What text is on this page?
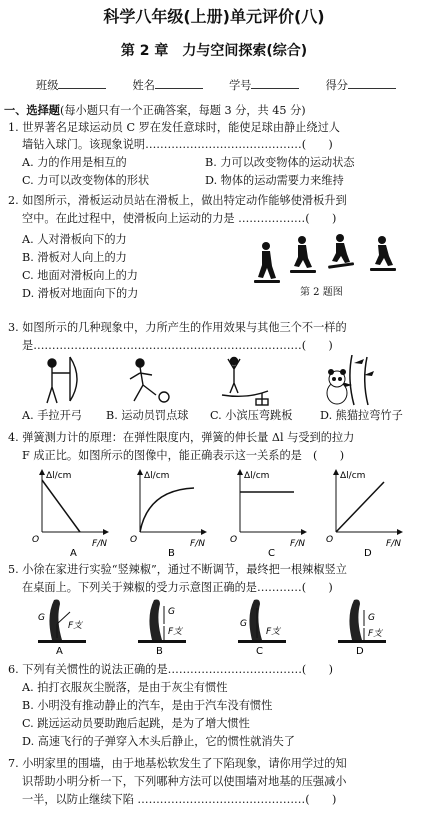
科学八年级(上册)单元评价(八)
第 2 章　力与空间探索(综合)
班级	姓名	学号	得分
一、选择题(每小题只有一个正确答案，每题 3 分，共 45 分)
1. 世界著名足球运动员 C 罗在发任意球时，能使足球由静止绕过人
墙钻入球门。该现象说明……………………………………(　　)
A. 力的作用是相互的	B. 力可以改变物体的运动状态
C. 力可以改变物体的形状	D. 物体的运动需要力来维持
2. 如图所示，滑板运动员站在滑板上，做出特定动作能够使滑板升到
空中。在此过程中，使滑板向上运动的力是 ………………(　　)
A. 人对滑板向下的力
B. 滑板对人向上的力
C. 地面对滑板向上的力
D. 滑板对地面向下的力	第 2 题图
3. 如图所示的几种现象中，力所产生的作用效果与其他三个不一样的
是………………………………………………………………(　　)
A. 手拉开弓 B. 运动员罚点球 C. 小滨压弯跳板 D. 熊猫拉弯竹子
4. 弹簧测力计的原理：在弹性限度内，弹簧的伸长量 Δl 与受到的拉力
F 成正比。如图所示的图像中，能正确表示这一关系的是　(　　)
Δl/cm
F/N
O
A
Δl/cm
F/N
O
B
Δl/cm
F/N
O
C
Δl/cm
F/N
O
D
5. 小徐在家进行实验“竖辣椒”，通过不断调节，最终把一根辣椒竖立
在桌面上。下列关于辣椒的受力示意图正确的是…………(　　)
G
F支
A
G
F支
B
G
F支
C
G
F支
D
6. 下列有关惯性的说法正确的是………………………………(　　)
A. 拍打衣服灰尘脱落，是由于灰尘有惯性
B. 小明没有推动静止的汽车，是由于汽车没有惯性
C. 跳远运动员要助跑后起跳，是为了增大惯性
D. 高速飞行的子弹穿入木头后静止，它的惯性就消失了
7. 小明家里的围墙，由于地基松软发生了下陷现象，请你用学过的知
识帮助小明分析一下，下列哪种方法可以使围墙对地基的压强减小
一半，以防止继续下陷 ………………………………………(　　)
